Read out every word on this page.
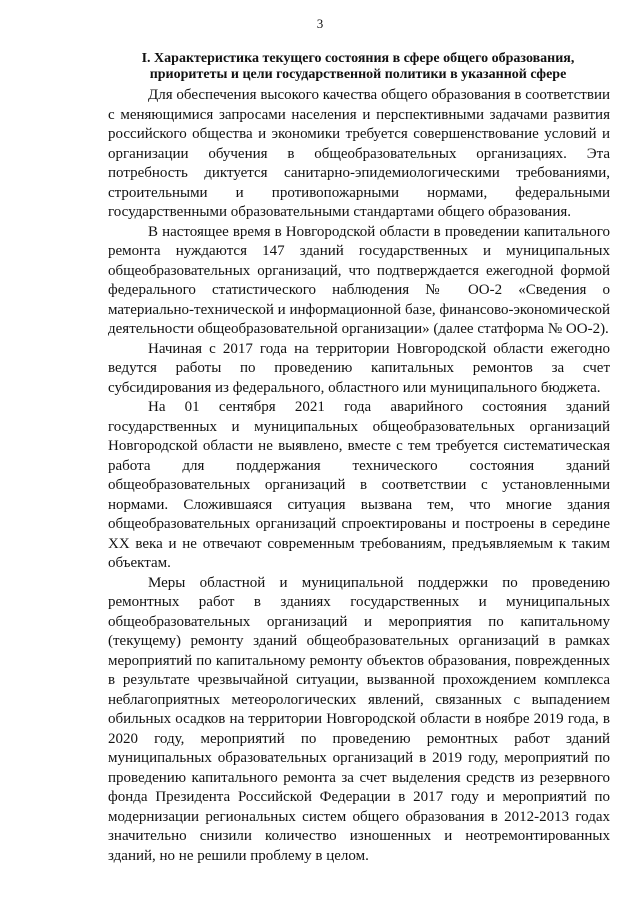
3
I. Характеристика текущего состояния в сфере общего образования, приоритеты и цели государственной политики в указанной сфере

Для обеспечения высокого качества общего образования в соответствии с меняющимися запросами населения и перспективными задачами развития российского общества и экономики требуется совершенствование условий и организации обучения в общеобразовательных организациях. Эта потребность диктуется санитарно-эпидемиологическими требованиями, строительными и противопожарными нормами, федеральными государственными образовательными стандартами общего образования.

В настоящее время в Новгородской области в проведении капитального ремонта нуждаются 147 зданий государственных и муниципальных общеобразовательных организаций, что подтверждается ежегодной формой федерального статистического наблюдения № ОО-2 «Сведения о материально-технической и информационной базе, финансово-экономической деятельности общеобразовательной организации» (далее статформа № ОО-2).

Начиная с 2017 года на территории Новгородской области ежегодно ведутся работы по проведению капитальных ремонтов за счет субсидирования из федерального, областного или муниципального бюджета.

На 01 сентября 2021 года аварийного состояния зданий государственных и муниципальных общеобразовательных организаций Новгородской области не выявлено, вместе с тем требуется систематическая работа для поддержания технического состояния зданий общеобразовательных организаций в соответствии с установленными нормами. Сложившаяся ситуация вызвана тем, что многие здания общеобразовательных организаций спроектированы и построены в середине XX века и не отвечают современным требованиям, предъявляемым к таким объектам.

Меры областной и муниципальной поддержки по проведению ремонтных работ в зданиях государственных и муниципальных общеобразовательных организаций и мероприятия по капитальному (текущему) ремонту зданий общеобразовательных организаций в рамках мероприятий по капитальному ремонту объектов образования, поврежденных в результате чрезвычайной ситуации, вызванной прохождением комплекса неблагоприятных метеорологических явлений, связанных с выпадением обильных осадков на территории Новгородской области в ноябре 2019 года, в 2020 году, мероприятий по проведению ремонтных работ зданий муниципальных образовательных организаций в 2019 году, мероприятий по проведению капитального ремонта за счет выделения средств из резервного фонда Президента Российской Федерации в 2017 году и мероприятий по модернизации региональных систем общего образования в 2012-2013 годах значительно снизили количество изношенных и неотремонтированных зданий, но не решили проблему в целом.
